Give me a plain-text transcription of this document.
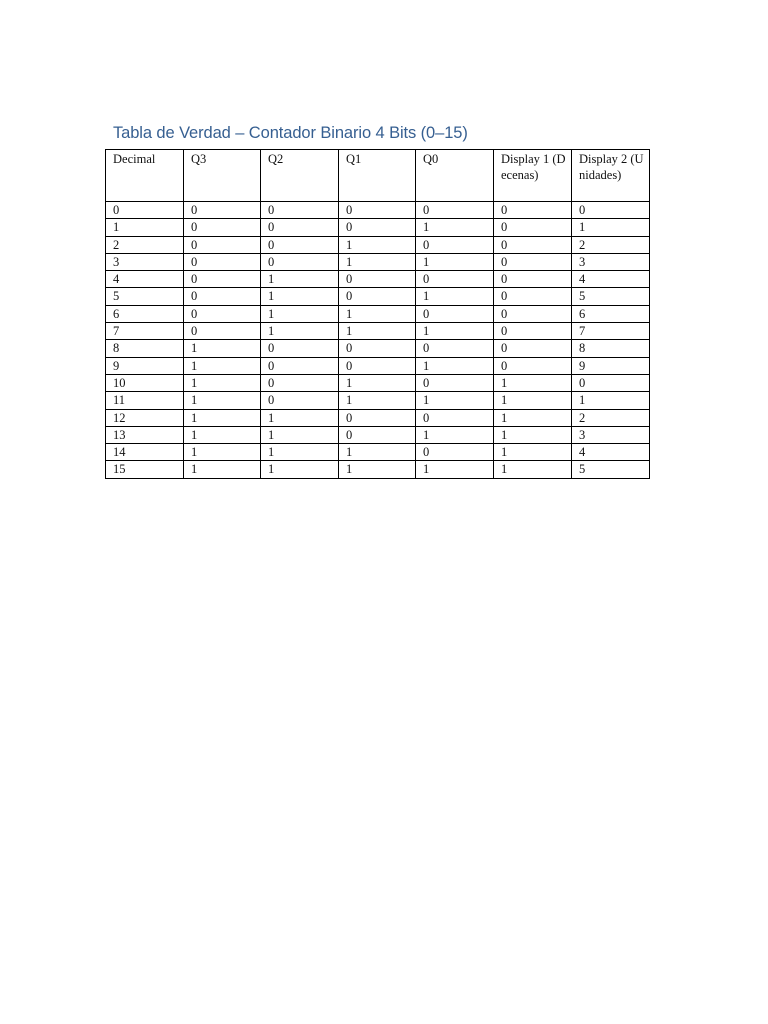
Tabla de Verdad – Contador Binario 4 Bits (0–15)
Decimal	Q3	Q2	Q1	Q0	Display 1 (Decenas)	Display 2 (Unidades)

0	0	0	0	0	0	0
1	0	0	0	1	0	1
2	0	0	1	0	0	2
3	0	0	1	1	0	3
4	0	1	0	0	0	4
5	0	1	0	1	0	5
6	0	1	1	0	0	6
7	0	1	1	1	0	7
8	1	0	0	0	0	8
9	1	0	0	1	0	9
10	1	0	1	0	1	0
11	1	0	1	1	1	1
12	1	1	0	0	1	2
13	1	1	0	1	1	3
14	1	1	1	0	1	4
15	1	1	1	1	1	5
